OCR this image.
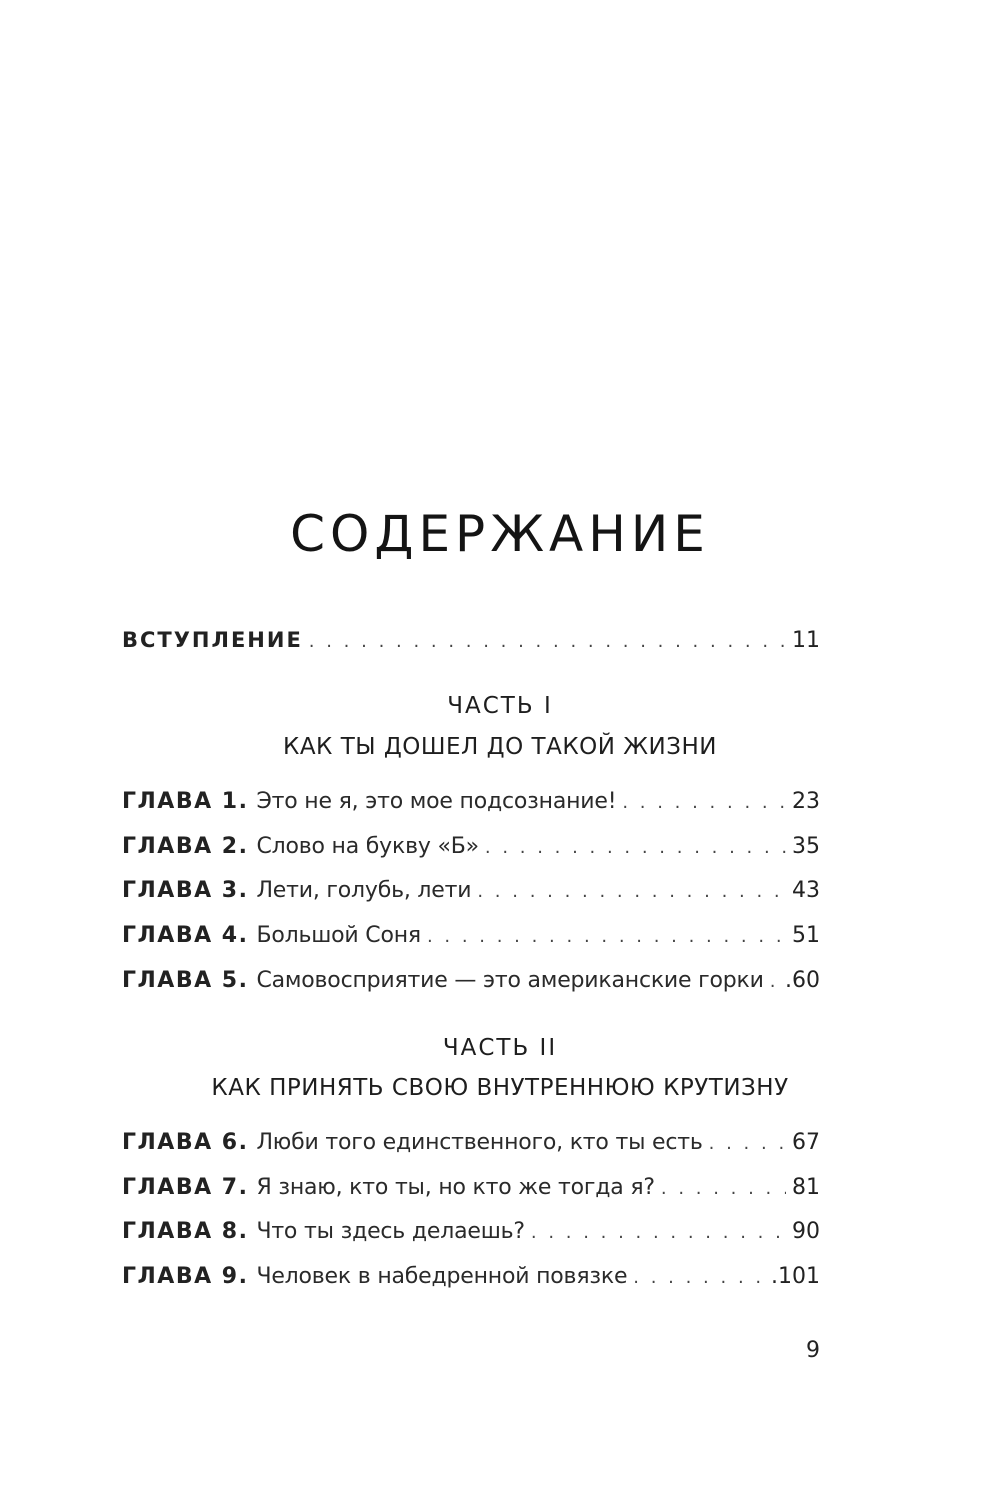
СОДЕРЖАНИЕ
ВСТУПЛЕНИЕ . . .	11
ГЛАВА 1. Это не я, это мое подсознание! . . .	23
ГЛАВА 2. Слово на букву «Б» . . .	35
ГЛАВА 3. Лети, голубь, лети . . .	43
ГЛАВА 4. Большой Соня . . .	51
ГЛАВА 5. Самовосприятие — это американские горки . . . .60
ГЛАВА 6. Люби того единственного, кто ты есть . . .	67
ГЛАВА 7. Я знаю, кто ты, но кто же тогда я? . . .	81
ГЛАВА 8. Что ты здесь делаешь? . . .	90
ГЛАВА 9. Человек в набедренной повязке . . .	.101

ЧАСТЬ I

КАК ТЫ ДОШЕЛ ДО ТАКОЙ ЖИЗНИ

ЧАСТЬ II

КАК ПРИНЯТЬ СВОЮ ВНУТРЕННЮЮ КРУТИЗНУ

9
